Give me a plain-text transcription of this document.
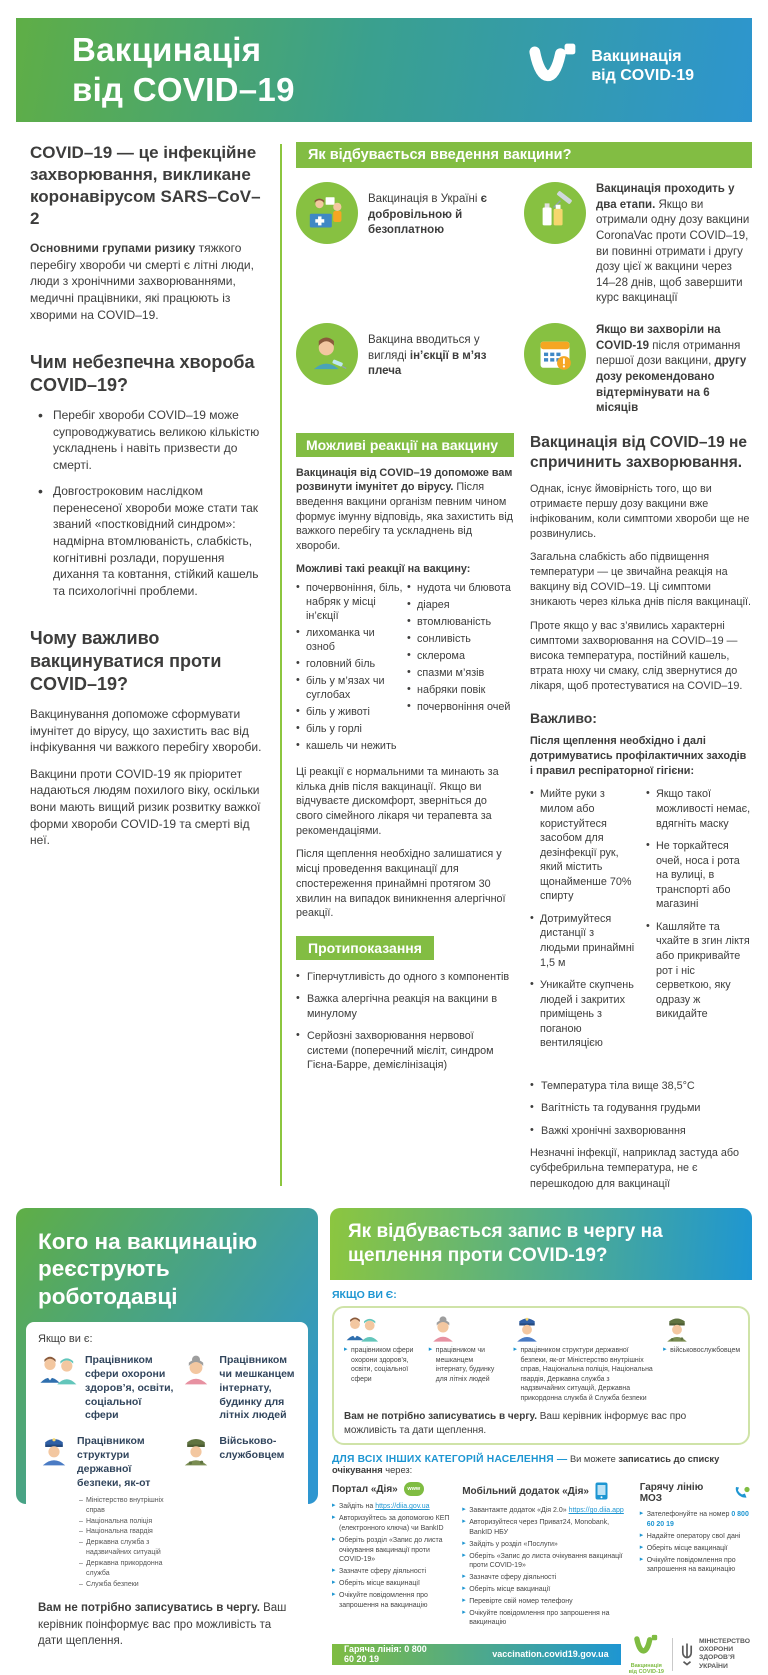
Вакцинація
від COVID–19
Вакцинація
від COVID-19
COVID–19 — це інфекційне захворювання, викликане коронавірусом SARS–CoV–2

Основними групами ризику тяжкого перебігу хвороби чи смерті є літні люди, люди з хронічними захворюваннями, медичні працівники, які працюють із хворими на COVID–19.

Чим небезпечна хвороба COVID–19?
• Перебіг хвороби COVID–19 може супроводжуватись великою кількістю ускладнень і навіть призвести до смерті.
• Довгостроковим наслідком перенесеної хвороби може стати так званий «постковідний синдром»: надмірна втомлюваність, слабкість, когнітивні розлади, порушення дихання та ковтання, стійкий кашель та психологічні проблеми.
Чому важливо вакцинуватися проти COVID–19?

Вакцинування допоможе сформувати імунітет до вірусу, що захистить вас від інфікування чи важкого перебігу хвороби.

Вакцини проти COVID-19 як пріоритет надаються людям похилого віку, оскільки вони мають вищий ризик розвитку важкої форми хвороби COVID-19 та смерті від неї.

Як відбувається введення вакцини?
Вакцинація в Україні є добровільною й безоплатною
Вакцинація проходить у два етапи. Якщо ви отримали одну дозу вакцини CoronaVac проти COVID–19, ви повинні отримати і другу дозу цієї ж вакцини через 14–28 днів, щоб завершити курс вакцинації
Вакцина вводиться у вигляді ін’єкції в м’яз плеча
Якщо ви захворіли на COVID-19 після отримання першої дози вакцини, другу дозу рекомендовано відтермінувати на 6 місяців
Можливі реакції на вакцину

Вакцинація від COVID–19 допоможе вам розвинути імунітет до вірусу. Після введення вакцини організм певним чином формує імунну відповідь, яка захистить від важкого перебігу та ускладнень від хвороби.

Можливі такі реакції на вакцину:
• почервоніння, біль, набряк у місці ін’єкції
• лихоманка чи озноб
• головний біль
• біль у м’язах чи суглобах
• біль у животі
• біль у горлі
• кашель чи нежить
• нудота чи блювота
• діарея
• втомлюваність
• сонливість
• склерома
• спазми м’язів
• набряки повік
• почервоніння очей

Ці реакції є нормальними та минають за кілька днів після вакцинації. Якщо ви відчуваєте дискомфорт, зверніться до свого сімейного лікаря чи терапевта за рекомендаціями.

Після щеплення необхідно залишатися у місці проведення вакцинації для спостереження принаймні протягом 30 хвилин на випадок виникнення алергічної реакції.

Протипоказання
• Гіперчутливість до одного з компонентів
• Важка алергічна реакція на вакцини в минулому
• Серйозні захворювання нервової системи (поперечний мієліт, синдром Гієна-Барре, демієлінізація)
Вакцинація від COVID–19 не спричинить захворювання.

Однак, існує ймовірність того, що ви отримаєте першу дозу вакцини вже інфікованим, коли симптоми хвороби ще не розвинулись.

Загальна слабкість або підвищення температури — це звичайна реакція на вакцину від COVID–19. Ці симптоми зникають через кілька днів після вакцинації.

Проте якщо у вас з’явились характерні симптоми захворювання на COVID–19 — висока температура, постійний кашель, втрата нюху чи смаку, слід звернутися до лікаря, щоб протестуватися на COVID–19.

Важливо:

Після щеплення необхідно і далі дотримуватись профілактичних заходів і правил респіраторної гігієни:

• Мийте руки з милом або користуйтеся засобом для дезінфекції рук, який містить щонайменше 70% спирту
• Дотримуйтеся дистанції з людьми принаймні 1,5 м
• Уникайте скупчень людей і закритих приміщень з поганою вентиляцією
• Якщо такої можливості немає, вдягніть маску
• Не торкайтеся очей, носа і рота на вулиці, в транспорті або магазині
• Кашляйте та чхайте в згин ліктя або прикривайте рот і ніс серветкою, яку одразу ж викидайте
• Температура тіла вище 38,5°С
• Вагітність та годування грудьми
• Важкі хронічні захворювання

Незначні інфекції, наприклад застуда або субфебрильна температура, не є перешкодою для вакцинації

Кого на вакцинацію реєструють роботодавці
Якщо ви є:
Працівником сфери охорони здоров’я, освіти, соціальної сфери
Працівником чи мешканцем інтернату, будинку для літніх людей
Працівником структури державної безпеки, як-от
– Міністерство внутрішніх справ
– Національна поліція
– Національна гвардія
– Державна служба з надзвичайних ситуацій
– Державна прикордонна служба
– Служба безпеки
Військово-службовцем

Вам не потрібно записуватись в чергу. Ваш керівник поінформує вас про можливість та дати щеплення.

Як відбувається запис в чергу на щеплення проти COVID-19?
ЯКЩО ВИ Є:
▸ працівником сфери охорони здоров’я, освіти, соціальної сфери
▸ працівником чи мешканцем інтернату, будинку для літніх людей
▸ працівником структури державної безпеки, як-от Міністерство внутрішніх справ, Національна поліція, Національна гвардія, Державна служба з надзвичайних ситуацій, Державна прикордонна служба й Служба безпеки
▸ військовослужбовцем

Вам не потрібно записуватись в чергу. Ваш керівник інформує вас про можливість та дати щеплення.

ДЛЯ ВСІХ ІНШИХ КАТЕГОРІЙ НАСЕЛЕННЯ — Ви можете записатись до списку очікування через:

Портал «Дія»	www
▸ Зайдіть на https://diia.gov.ua
▸ Авторизуйтесь за допомогою КЕП (електронного ключа) чи BankID
▸ Оберіть розділ «Запис до листа очікування вакцинації проти COVID-19»
▸ Зазначте сферу діяльності
▸ Оберіть місце вакцинації
▸ Очікуйте повідомлення про запрошення на вакцинацію
Мобільний додаток «Дія»
▸ Завантажте додаток «Дія 2.0» https://go.diia.app
▸ Авторизуйтеся через Приват24, Monobank, BankID НБУ
▸ Зайдіть у розділ «Послуги»
▸ Оберіть «Запис до листа очікування вакцинації проти COVID-19»
▸ Зазначте сферу діяльності
▸ Оберіть місце вакцинації
▸ Перевірте свій номер телефону
▸ Очікуйте повідомлення про запрошення на вакцинацію
Гарячу лінію МОЗ
▸ Зателефонуйте на номер 0 800 60 20 19
▸ Надайте оператору свої дані
▸ Оберіть місце вакцинації
▸ Очікуйте повідомлення про запрошення на вакцинацію
Гаряча лінія: 0 800 60 20 19	vaccination.covid19.gov.ua
Вакцинація
від COVID-19
МІНІСТЕРСТВО
ОХОРОНИ
ЗДОРОВ’Я
УКРАЇНИ
